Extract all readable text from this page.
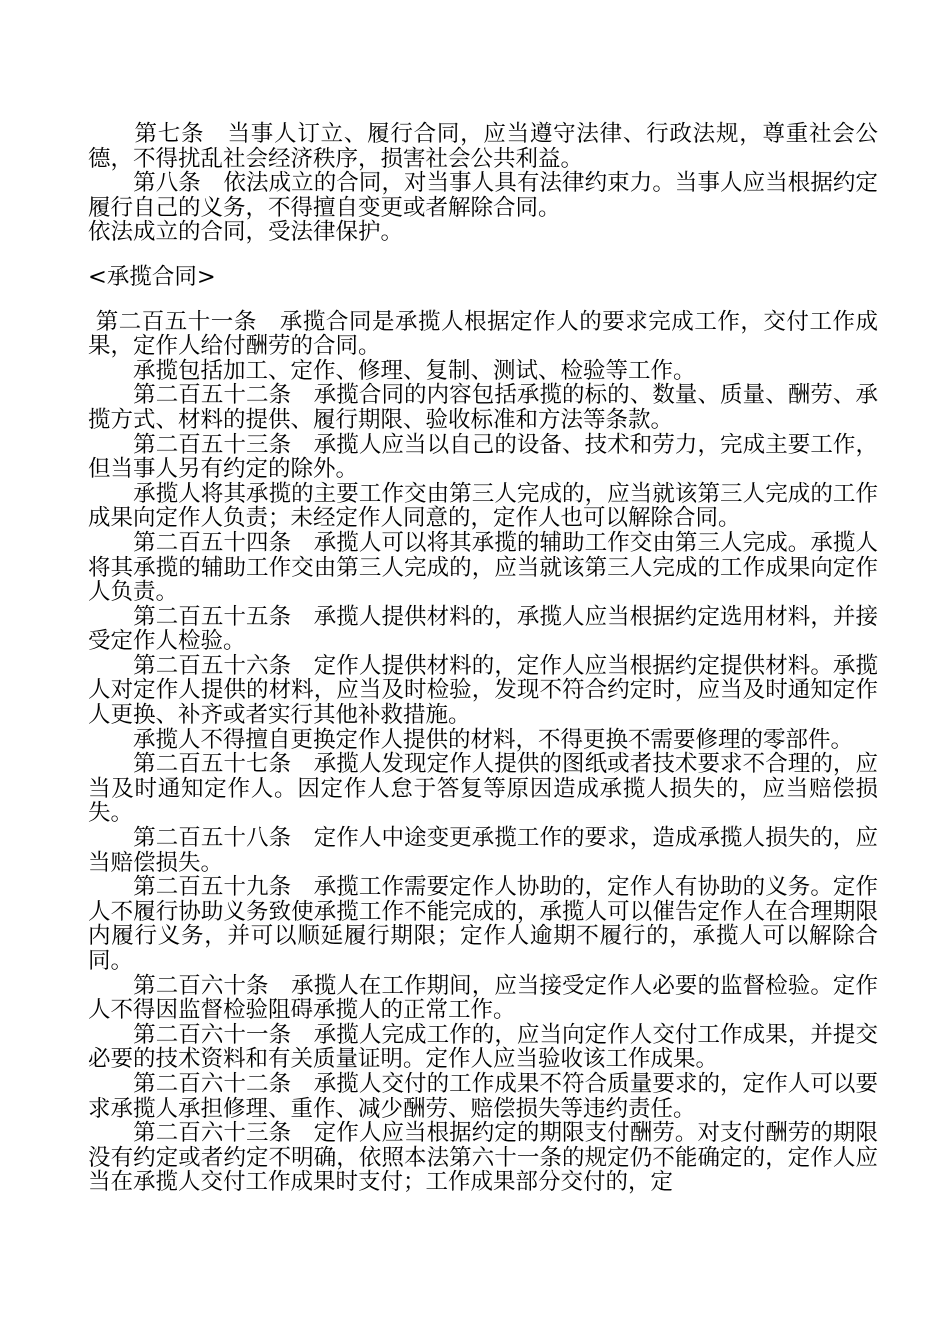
　　第七条　当事人订立、履行合同，应当遵守法律、行政法规，尊重社会公德，不得扰乱社会经济秩序，损害社会公共利益。

　　第八条　依法成立的合同，对当事人具有法律约束力。当事人应当根据约定履行自己的义务，不得擅自变更或者解除合同。

依法成立的合同，受法律保护。

<承揽合同>

第二百五十一条　承揽合同是承揽人根据定作人的要求完成工作，交付工作成果，定作人给付酬劳的合同。

　　承揽包括加工、定作、修理、复制、测试、检验等工作。

　　第二百五十二条　承揽合同的内容包括承揽的标的、数量、质量、酬劳、承揽方式、材料的提供、履行期限、验收标准和方法等条款。

　　第二百五十三条　承揽人应当以自己的设备、技术和劳力，完成主要工作，但当事人另有约定的除外。

　　承揽人将其承揽的主要工作交由第三人完成的，应当就该第三人完成的工作成果向定作人负责；未经定作人同意的，定作人也可以解除合同。

　　第二百五十四条　承揽人可以将其承揽的辅助工作交由第三人完成。承揽人将其承揽的辅助工作交由第三人完成的，应当就该第三人完成的工作成果向定作人负责。

　　第二百五十五条　承揽人提供材料的，承揽人应当根据约定选用材料，并接受定作人检验。

　　第二百五十六条　定作人提供材料的，定作人应当根据约定提供材料。承揽人对定作人提供的材料，应当及时检验，发现不符合约定时，应当及时通知定作人更换、补齐或者实行其他补救措施。

　　承揽人不得擅自更换定作人提供的材料，不得更换不需要修理的零部件。

　　第二百五十七条　承揽人发现定作人提供的图纸或者技术要求不合理的，应当及时通知定作人。因定作人怠于答复等原因造成承揽人损失的，应当赔偿损失。

　　第二百五十八条　定作人中途变更承揽工作的要求，造成承揽人损失的，应当赔偿损失。

　　第二百五十九条　承揽工作需要定作人协助的，定作人有协助的义务。定作人不履行协助义务致使承揽工作不能完成的，承揽人可以催告定作人在合理期限内履行义务，并可以顺延履行期限；定作人逾期不履行的，承揽人可以解除合同。

　　第二百六十条　承揽人在工作期间，应当接受定作人必要的监督检验。定作人不得因监督检验阻碍承揽人的正常工作。

　　第二百六十一条　承揽人完成工作的，应当向定作人交付工作成果，并提交必要的技术资料和有关质量证明。定作人应当验收该工作成果。

　　第二百六十二条　承揽人交付的工作成果不符合质量要求的，定作人可以要求承揽人承担修理、重作、减少酬劳、赔偿损失等违约责任。

　　第二百六十三条　定作人应当根据约定的期限支付酬劳。对支付酬劳的期限没有约定或者约定不明确，依照本法第六十一条的规定仍不能确定的，定作人应当在承揽人交付工作成果时支付；工作成果部分交付的，定
